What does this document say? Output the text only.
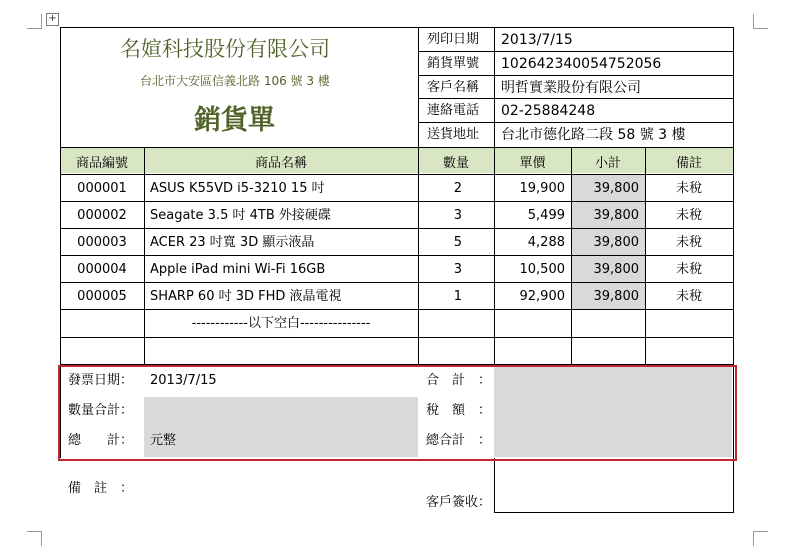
+
名媗科技股份有限公司
台北市大安區信義北路 106 號 3 樓
銷貨單
列印日期 2013/7/15
銷貨單號 102642340054752056
客戶名稱 明哲實業股份有限公司
連絡電話 02-25884248
送貨地址 台北市德化路二段 58 號 3 樓
商品編號	商品名稱	數量	單價	小計	備註
000001	ASUS K55VD i5-3210 15 吋	2	19,900	39,800	未稅
000002	Seagate 3.5 吋 4TB 外接硬碟	3	5,499	39,800	未稅
000003	ACER 23 吋寬 3D 顯示液晶	5	4,288	39,800	未稅
000004	Apple iPad mini Wi-Fi 16GB	3	10,500	39,800	未稅
000005	SHARP 60 吋 3D FHD 液晶電視	1	92,900	39,800	未稅
------------以下空白---------------
發票日期： 2013/7/15
數量合計：
總　　計： 元整
合　計　：
稅　額　：
總合計　：
備　註　：
客戶簽收：
